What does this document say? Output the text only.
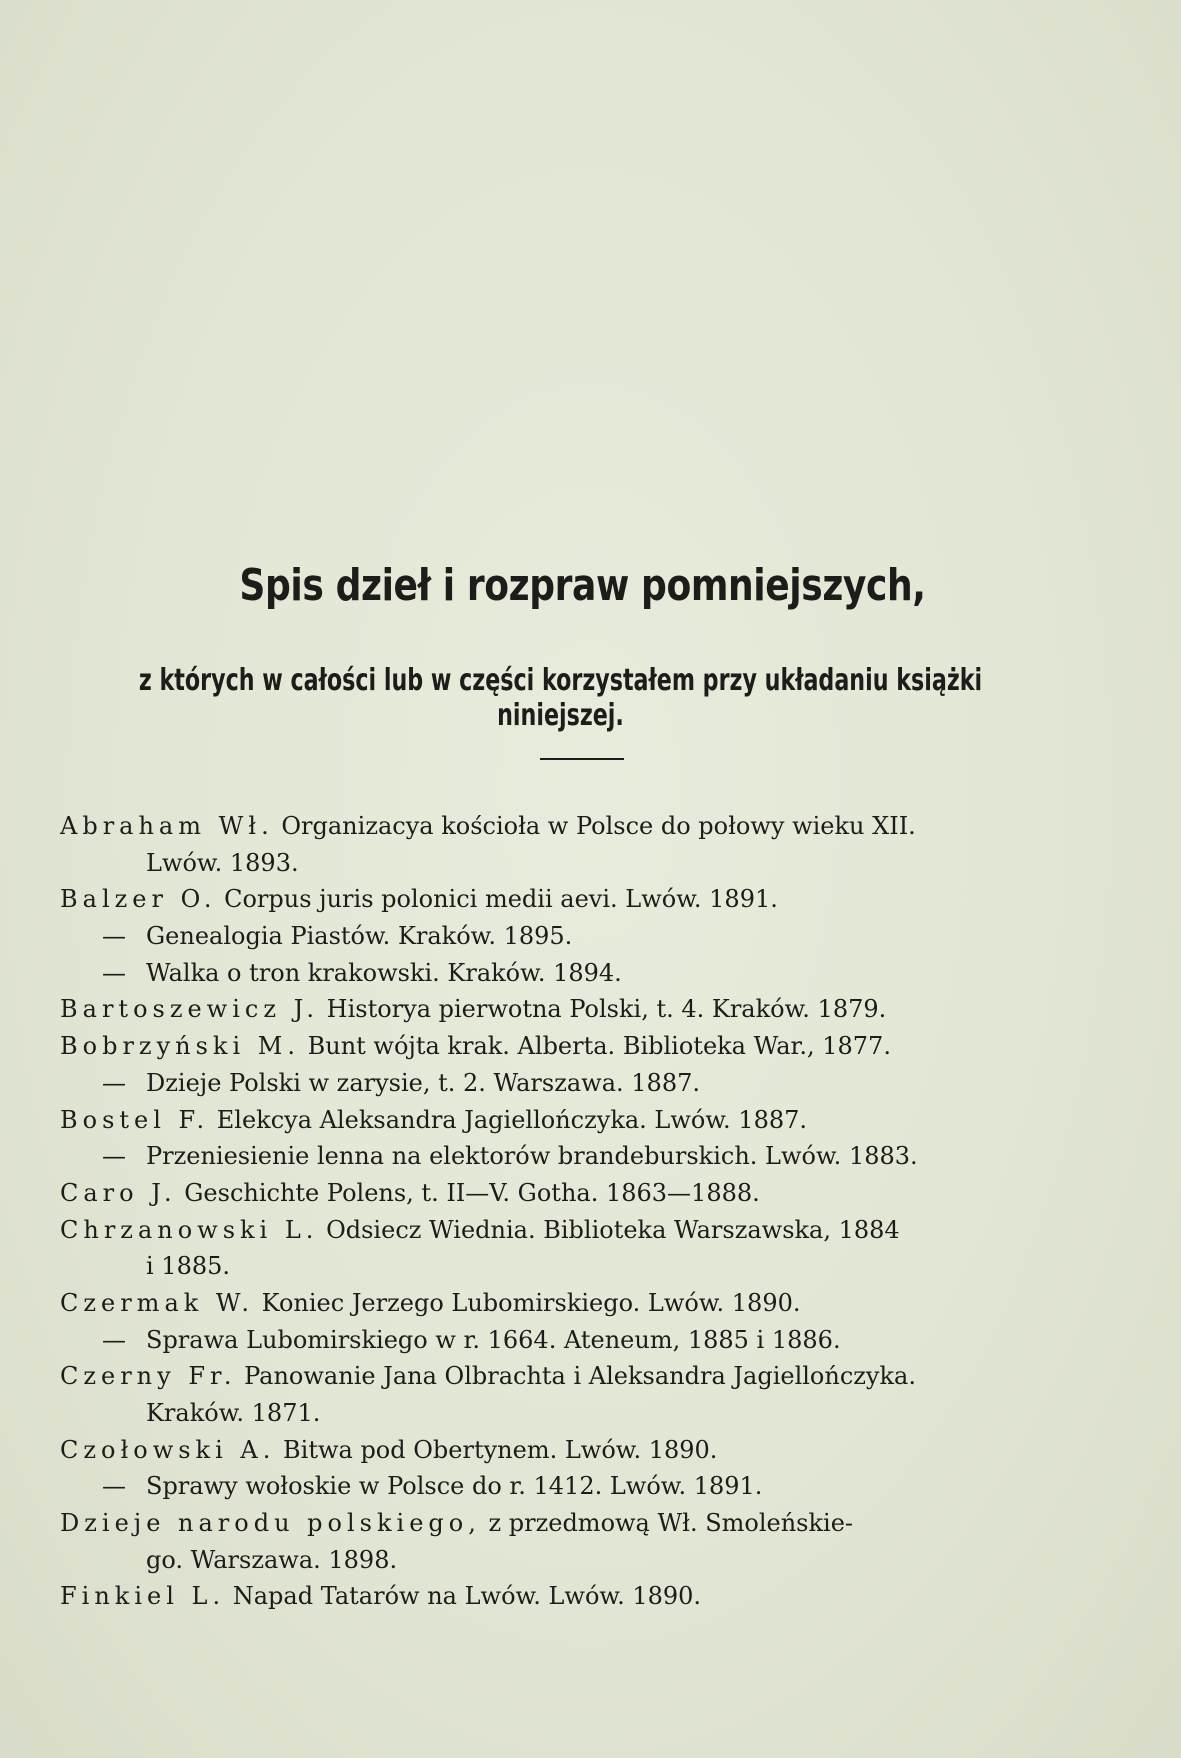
Spis dzieł i rozpraw pomniejszych,
z których w całości lub w części korzystałem przy układaniu książki niniejszej.
Abraham Wł. Organizacya kościoła w Polsce do połowy wieku XII.
Lwów. 1893.
Balzer O. Corpus juris polonici medii aevi. Lwów. 1891.
— Genealogia Piastów. Kraków. 1895.
— Walka o tron krakowski. Kraków. 1894.
Bartoszewicz J. Historya pierwotna Polski, t. 4. Kraków. 1879.
Bobrzyński M. Bunt wójta krak. Alberta. Biblioteka War., 1877.
— Dzieje Polski w zarysie, t. 2. Warszawa. 1887.
Bostel F. Elekcya Aleksandra Jagiellończyka. Lwów. 1887.
— Przeniesienie lenna na elektorów brandeburskich. Lwów. 1883.
Caro J. Geschichte Polens, t. II—V. Gotha. 1863—1888.
Chrzanowski L. Odsiecz Wiednia. Biblioteka Warszawska, 1884
i 1885.
Czermak W. Koniec Jerzego Lubomirskiego. Lwów. 1890.
— Sprawa Lubomirskiego w r. 1664. Ateneum, 1885 i 1886.
Czerny Fr. Panowanie Jana Olbrachta i Aleksandra Jagiellończyka.
Kraków. 1871.
Czołowski A. Bitwa pod Obertynem. Lwów. 1890.
— Sprawy wołoskie w Polsce do r. 1412. Lwów. 1891.
Dzieje narodu polskiego, z przedmową Wł. Smoleńskie-
go. Warszawa. 1898.
Finkiel L. Napad Tatarów na Lwów. Lwów. 1890.
